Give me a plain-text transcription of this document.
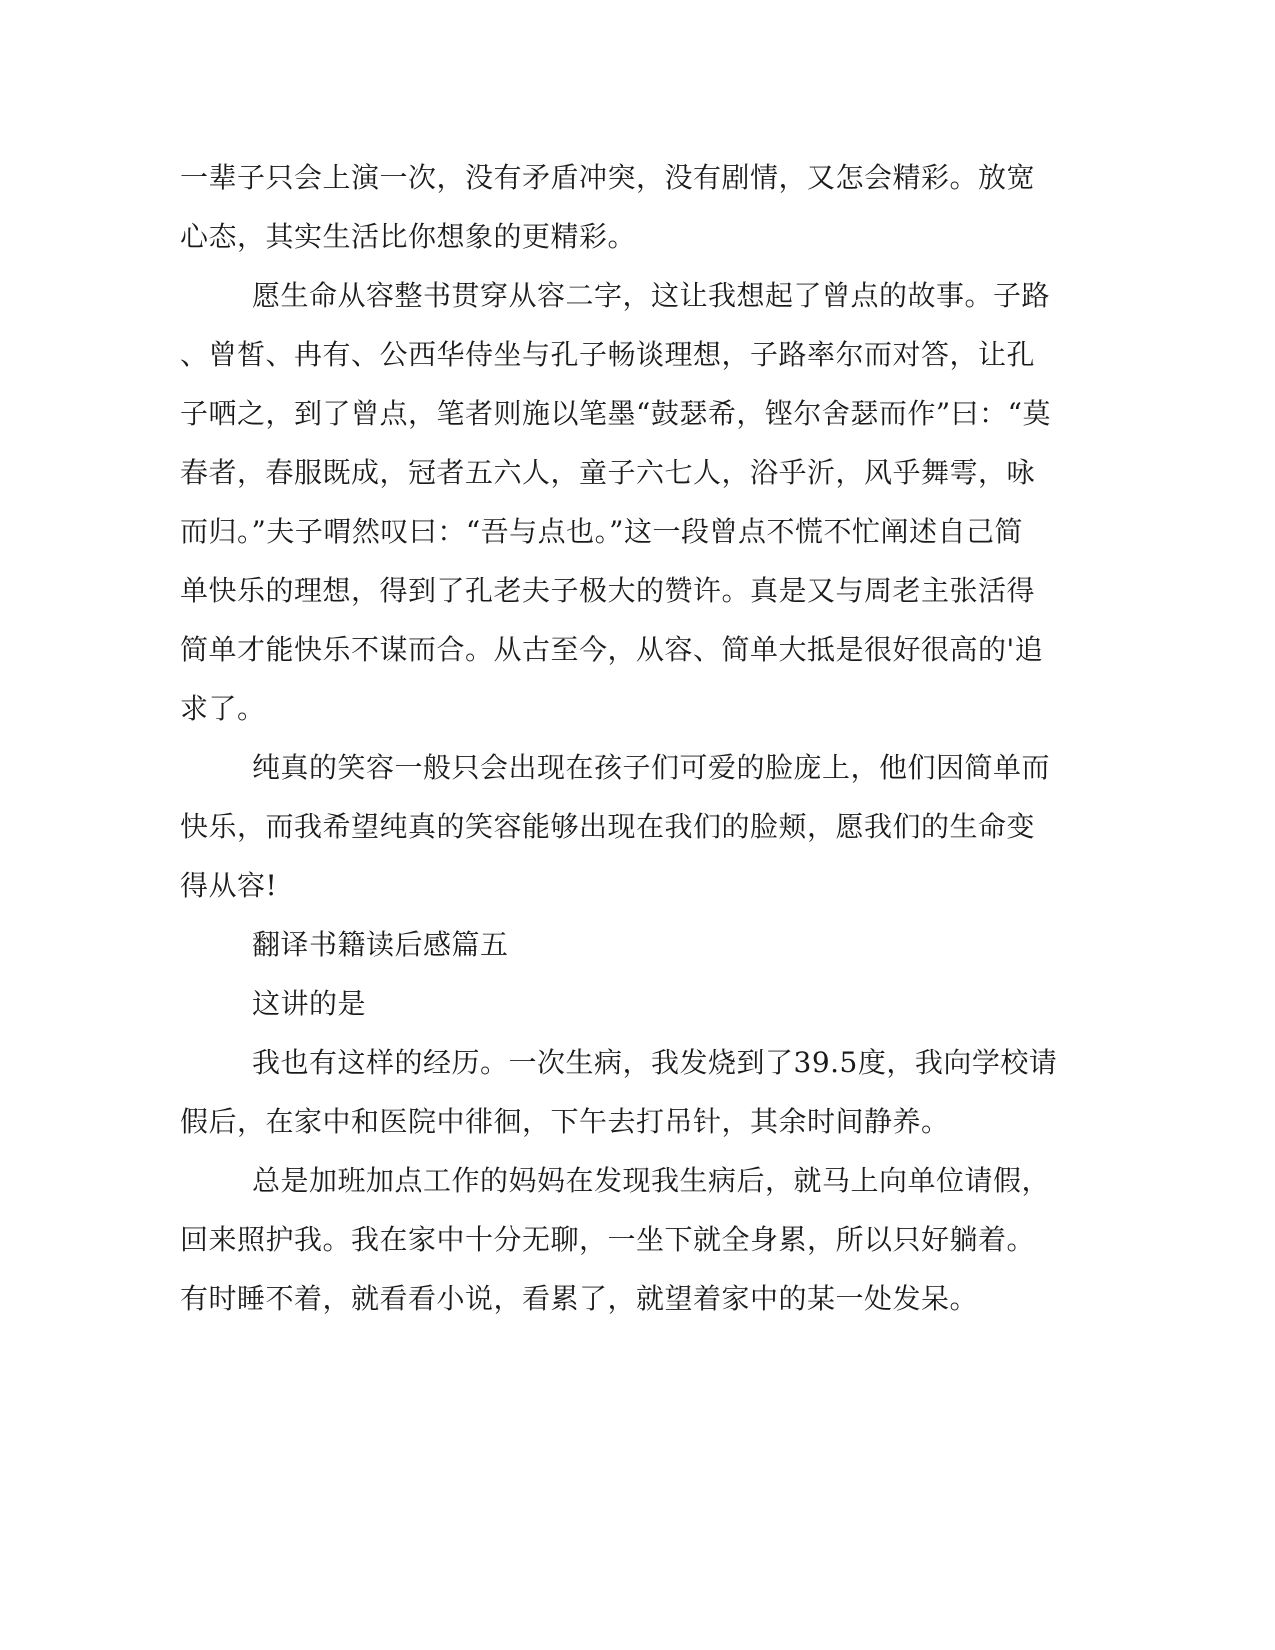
一辈子只会上演一次，没有矛盾冲突，没有剧情，又怎会精彩。放宽
心态，其实生活比你想象的更精彩。
愿生命从容整书贯穿从容二字，这让我想起了曾点的故事。子路
、曾皙、冉有、公西华侍坐与孔子畅谈理想，子路率尔而对答，让孔
子哂之，到了曾点，笔者则施以笔墨“鼓瑟希，铿尔舍瑟而作”曰：“莫
春者，春服既成，冠者五六人，童子六七人，浴乎沂，风乎舞雩，咏
而归。”夫子喟然叹曰：“吾与点也。”这一段曾点不慌不忙阐述自己简
单快乐的理想，得到了孔老夫子极大的赞许。真是又与周老主张活得
简单才能快乐不谋而合。从古至今，从容、简单大抵是很好很高的'追
求了。
纯真的笑容一般只会出现在孩子们可爱的脸庞上，他们因简单而
快乐，而我希望纯真的笑容能够出现在我们的脸颊，愿我们的生命变
得从容!
翻译书籍读后感篇五
这讲的是
我也有这样的经历。一次生病，我发烧到了39.5度，我向学校请
假后，在家中和医院中徘徊，下午去打吊针，其余时间静养。
总是加班加点工作的妈妈在发现我生病后，就马上向单位请假，
回来照护我。我在家中十分无聊，一坐下就全身累，所以只好躺着。
有时睡不着，就看看小说，看累了，就望着家中的某一处发呆。
